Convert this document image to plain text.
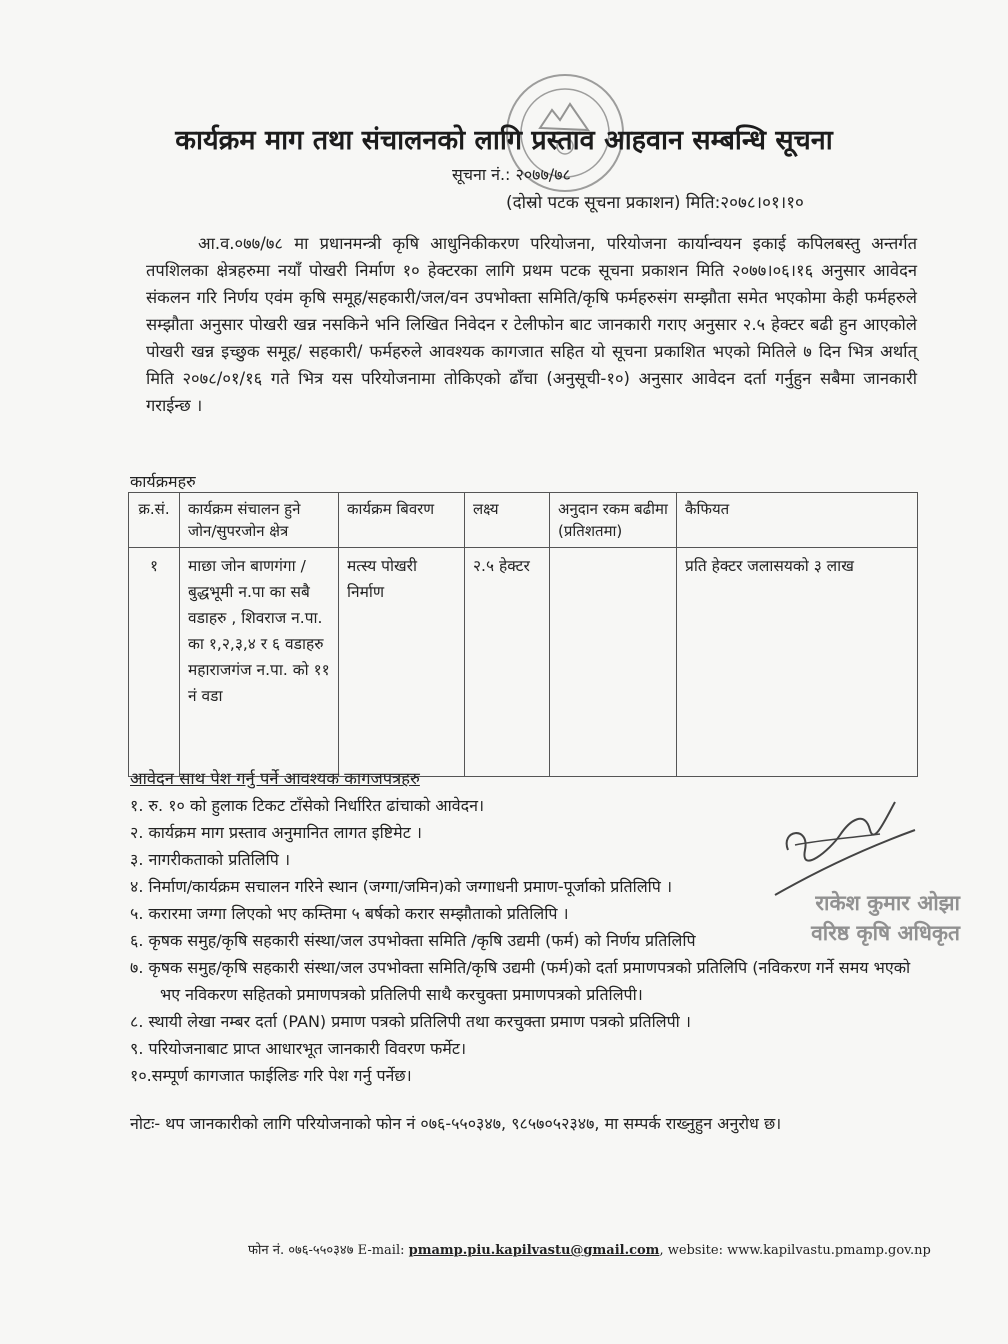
कार्यक्रम माग तथा संचालनको लागि प्रस्ताव आहवान सम्बन्धि सूचना
सूचना नं.: २०७७/७८
(दोस्रो पटक सूचना प्रकाशन) मिति:२०७८।०१।१०

आ.व.०७७/७८ मा प्रधानमन्त्री कृषि आधुनिकीकरण परियोजना, परियोजना कार्यान्वयन इकाई कपिलबस्तु अन्तर्गत तपशिलका क्षेत्रहरुमा नयाँ पोखरी निर्माण १० हेक्टरका लागि प्रथम पटक सूचना प्रकाशन मिति २०७७।०६।१६ अनुसार आवेदन संकलन गरि निर्णय एवंम कृषि समूह/सहकारी/जल/वन उपभोक्ता समिति/कृषि फर्महरुसंग सम्झौता समेत भएकोमा केही फर्महरुले सम्झौता अनुसार पोखरी खन्न नसकिने भनि लिखित निवेदन र टेलीफोन बाट जानकारी गराए अनुसार २.५ हेक्टर बढी हुन आएकोले पोखरी खन्न इच्छुक समूह/ सहकारी/ फर्महरुले आवश्यक कागजात सहित यो सूचना प्रकाशित भएको मितिले ७ दिन भित्र अर्थात् मिति २०७८/०१/१६ गते भित्र यस परियोजनामा तोकिएको ढाँचा (अनुसूची-१०) अनुसार आवेदन दर्ता गर्नुहुन सबैमा जानकारी गराईन्छ ।

कार्यक्रमहरु
क्र.सं.	कार्यक्रम संचालन हुने जोन/सुपरजोन क्षेत्र	कार्यक्रम बिवरण	लक्ष्य	अनुदान रकम बढीमा (प्रतिशतमा)	कैफियत
१	माछा जोन बाणगंगा /बुद्धभूमी न.पा का सबै वडाहरु , शिवराज न.पा. का १,२,३,४ र ६ वडाहरु महाराजगंज न.पा. को ११ नं वडा	मत्स्य पोखरी निर्माण	२.५ हेक्टर		प्रति हेक्टर जलासयको ३ लाख
आवेदन साथ पेश गर्नु पर्ने आवश्यक कागजपत्रहरु
१. रु. १० को हुलाक टिकट टाँसेको निर्धारित ढांचाको आवेदन।
२. कार्यक्रम माग प्रस्ताव अनुमानित लागत इष्टिमेट ।
३. नागरीकताको प्रतिलिपि ।
४. निर्माण/कार्यक्रम सचालन गरिने स्थान (जग्गा/जमिन)को जग्गाधनी प्रमाण-पूर्जाको प्रतिलिपि ।
५. करारमा जग्गा लिएको भए कम्तिमा ५ बर्षको करार सम्झौताको प्रतिलिपि ।
६. कृषक समुह/कृषि सहकारी संस्था/जल उपभोक्ता समिति /कृषि उद्यमी (फर्म) को निर्णय प्रतिलिपि
७. कृषक समुह/कृषि सहकारी संस्था/जल उपभोक्ता समिति/कृषि उद्यमी (फर्म)को दर्ता प्रमाणपत्रको प्रतिलिपि (नविकरण गर्ने समय भएको भए नविकरण सहितको प्रमाणपत्रको प्रतिलिपी साथै करचुक्ता प्रमाणपत्रको प्रतिलिपी।
८. स्थायी लेखा नम्बर दर्ता (PAN) प्रमाण पत्रको प्रतिलिपी तथा करचुक्ता प्रमाण पत्रको प्रतिलिपी ।
९. परियोजनाबाट प्राप्त आधारभूत जानकारी विवरण फर्मेट।
१०.सम्पूर्ण कागजात फाईलिङ गरि पेश गर्नु पर्नेछ।
राकेश कुमार ओझा
वरिष्ठ कृषि अधिकृत
नोटः- थप जानकारीको लागि परियोजनाको फोन नं ०७६-५५०३४७, ९८५७०५२३४७, मा सम्पर्क राख्नुहुन अनुरोध छ।
फोन नं. ०७६-५५०३४७ E-mail: pmamp.piu.kapilvastu@gmail.com, website: www.kapilvastu.pmamp.gov.np
